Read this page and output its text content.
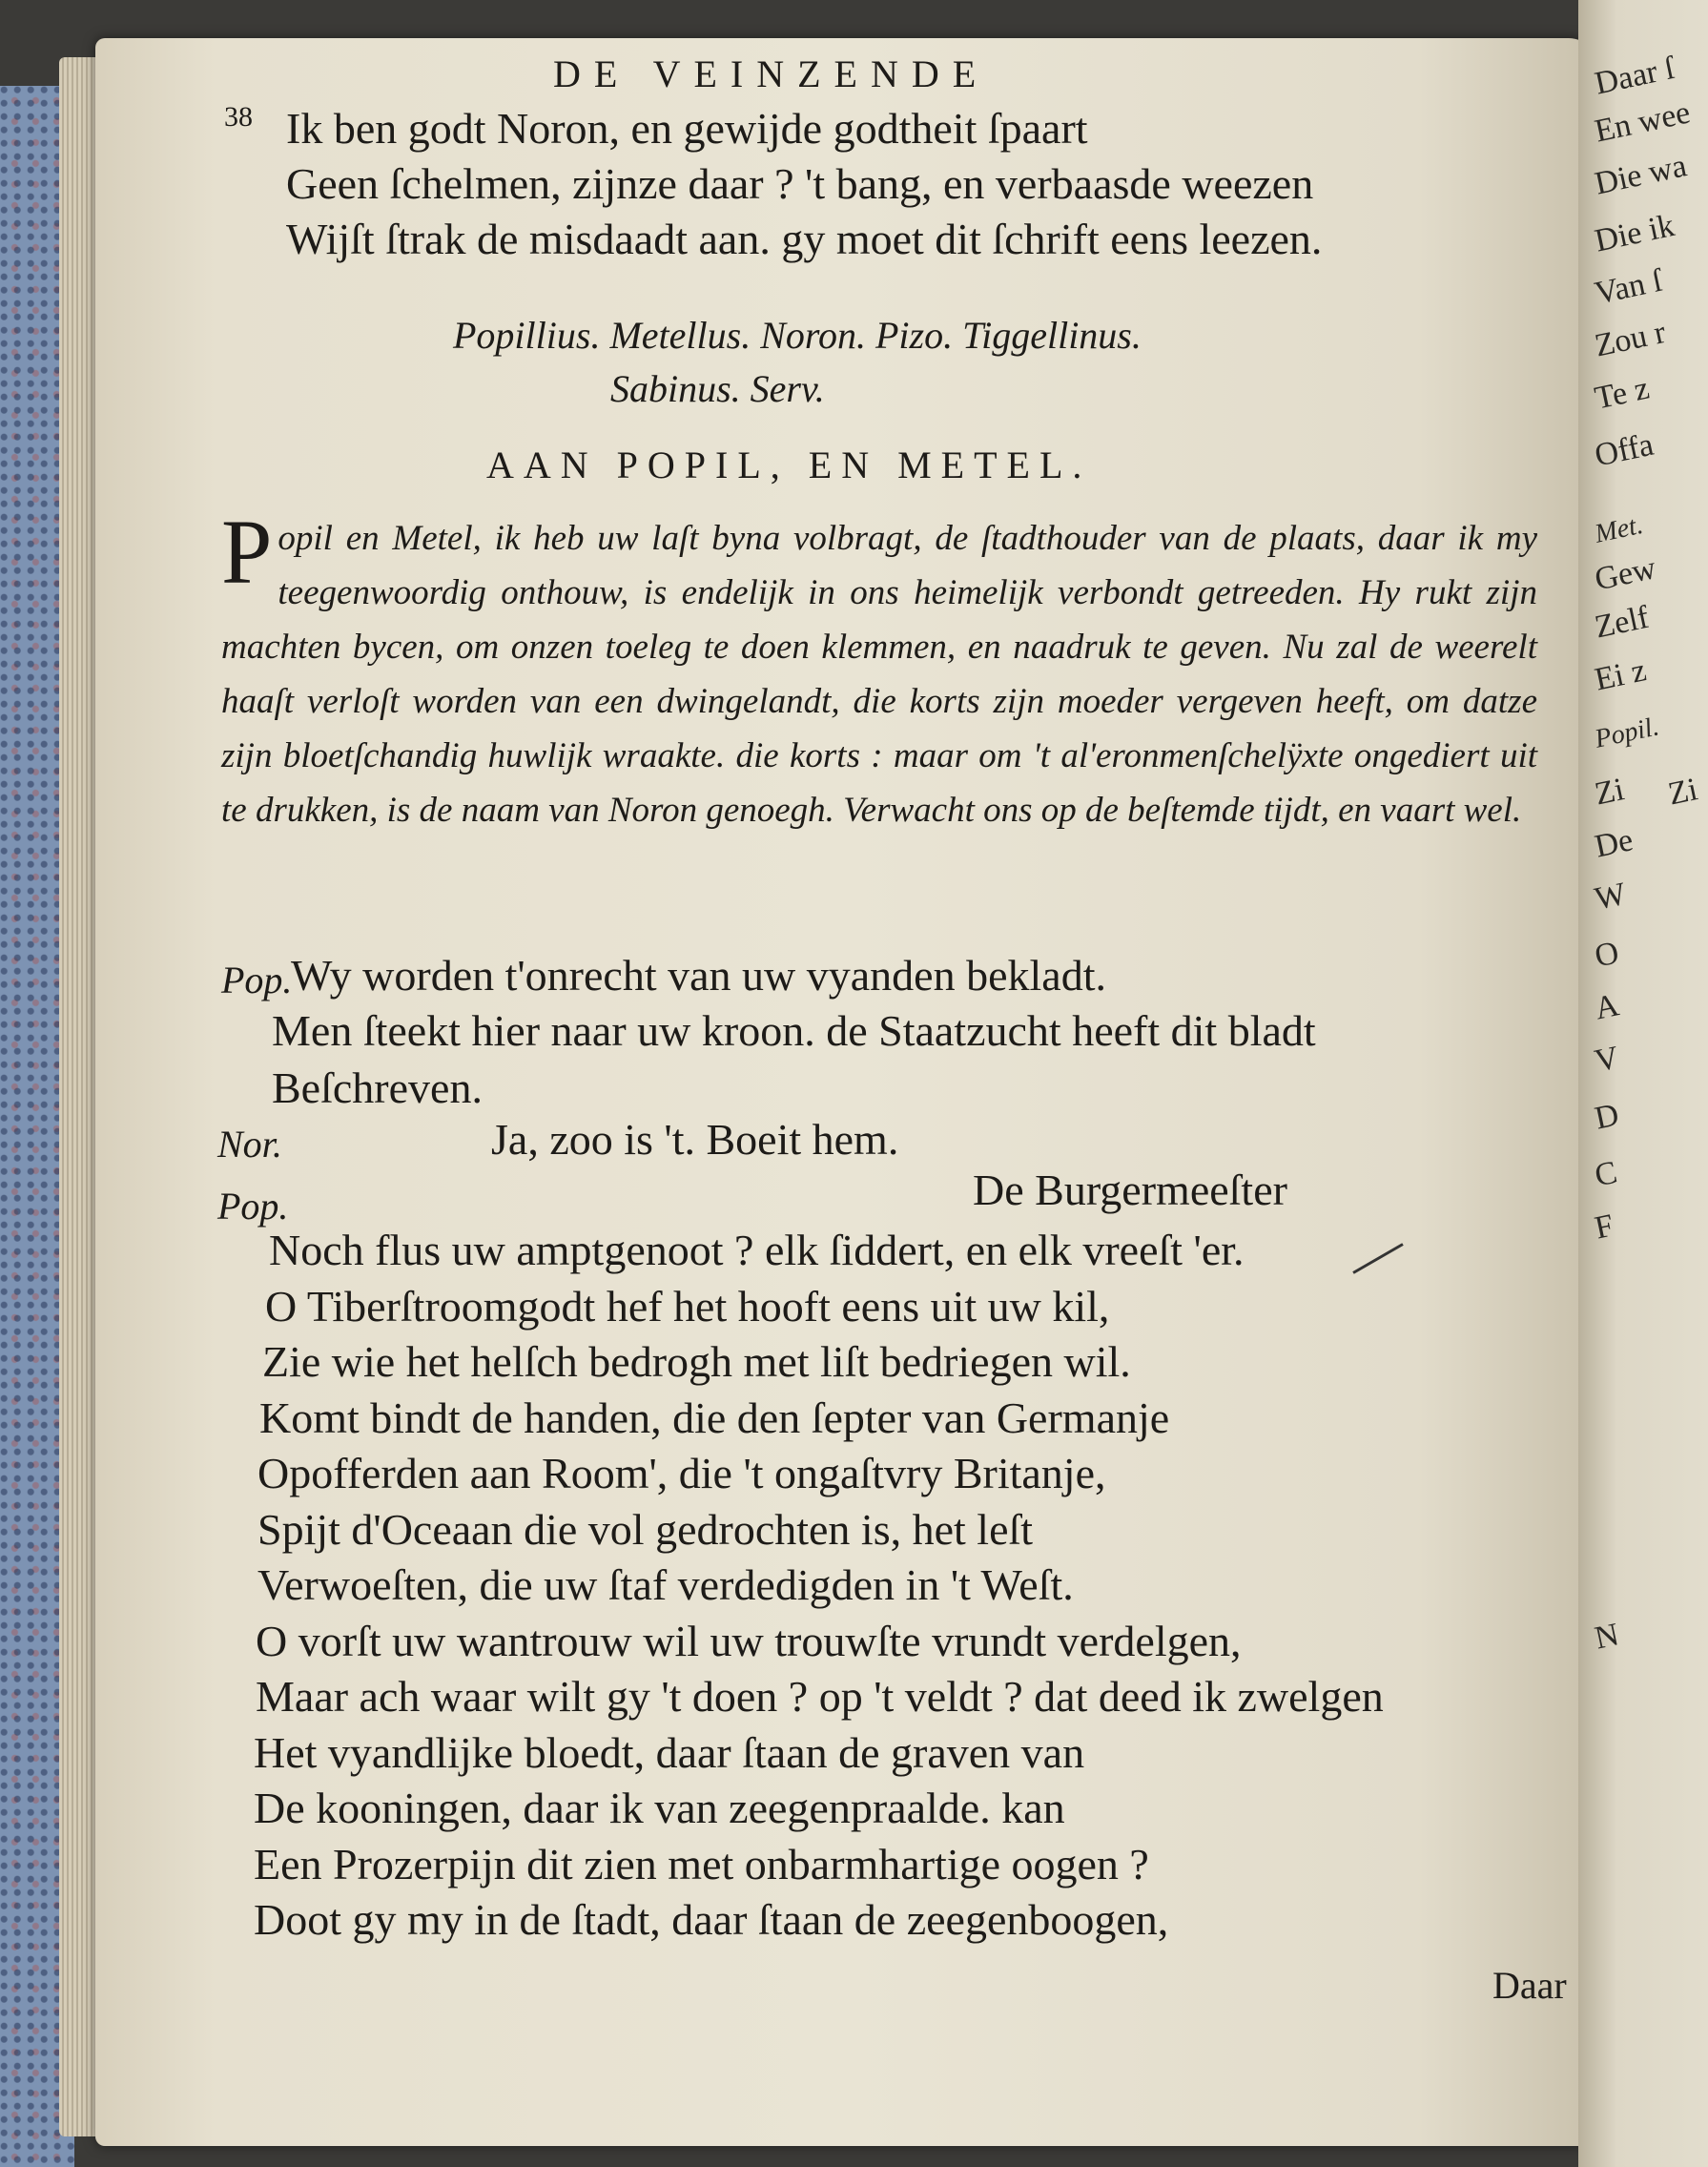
Daar ſ
En wee
Die wa
Die ik
Van ſ
Zou r
Te z
Offa
Met.
Gew
Zelf
Ei z
Popil.
Zi Zi
De
W
O
A
V
D
C
F
N
DE VEINZENDE
38
Popillius. Metellus. Noron. Pizo. Tiggellinus.
Sabinus. Serv.
AAN POPIL, EN METEL.
Popil en Metel, ik heb uw laſt byna volbragt, de ſtadthouder van de plaats, daar ik my teegenwoordig onthouw, is endelijk in ons heimelijk verbondt getreeden. Hy rukt zijn machten bycen, om onzen toeleg te doen klemmen, en naadruk te geven. Nu zal de weerelt haaſt verloſt worden van een dwingelandt, die korts zijn moeder vergeven heeft, om datze zijn bloetſchandig huwlijk wraakte. die korts : maar om 't al'eronmenſchelÿxte ongediert uit te drukken, is de naam van Noron genoegh. Verwacht ons op de beſtemde tijdt, en vaart wel.
Daar
Ik ben godt Noron, en gewijde godtheit ſpaart
Geen ſchelmen, zijnze daar ? 't bang, en verbaasde weezen
Wijſt ſtrak de misdaadt aan. gy moet dit ſchrift eens leezen.
Pop.
Wy worden t'onrecht van uw vyanden bekladt.
Men ſteekt hier naar uw kroon. de Staatzucht heeft dit bladt
Beſchreven.
Nor.	Ja, zoo is 't. Boeit hem.
Pop.	De Burgermeeſter
Noch flus uw amptgenoot ? elk ſiddert, en elk vreeſt 'er.
O Tiberſtroomgodt hef het hooft eens uit uw kil,
Zie wie het helſch bedrogh met liſt bedriegen wil.
Komt bindt de handen, die den ſepter van Germanje
Opofferden aan Room', die 't ongaſtvry Britanje,
Spijt d'Oceaan die vol gedrochten is, het leſt
Verwoeſten, die uw ſtaf verdedigden in 't Weſt.
O vorſt uw wantrouw wil uw trouwſte vrundt verdelgen,
Maar ach waar wilt gy 't doen ? op 't veldt ? dat deed ik zwelgen
Het vyandlijke bloedt, daar ſtaan de graven van
De kooningen, daar ik van zeegenpraalde. kan
Een Prozerpijn dit zien met onbarmhartige oogen ?
Doot gy my in de ſtadt, daar ſtaan de zeegenboogen,
